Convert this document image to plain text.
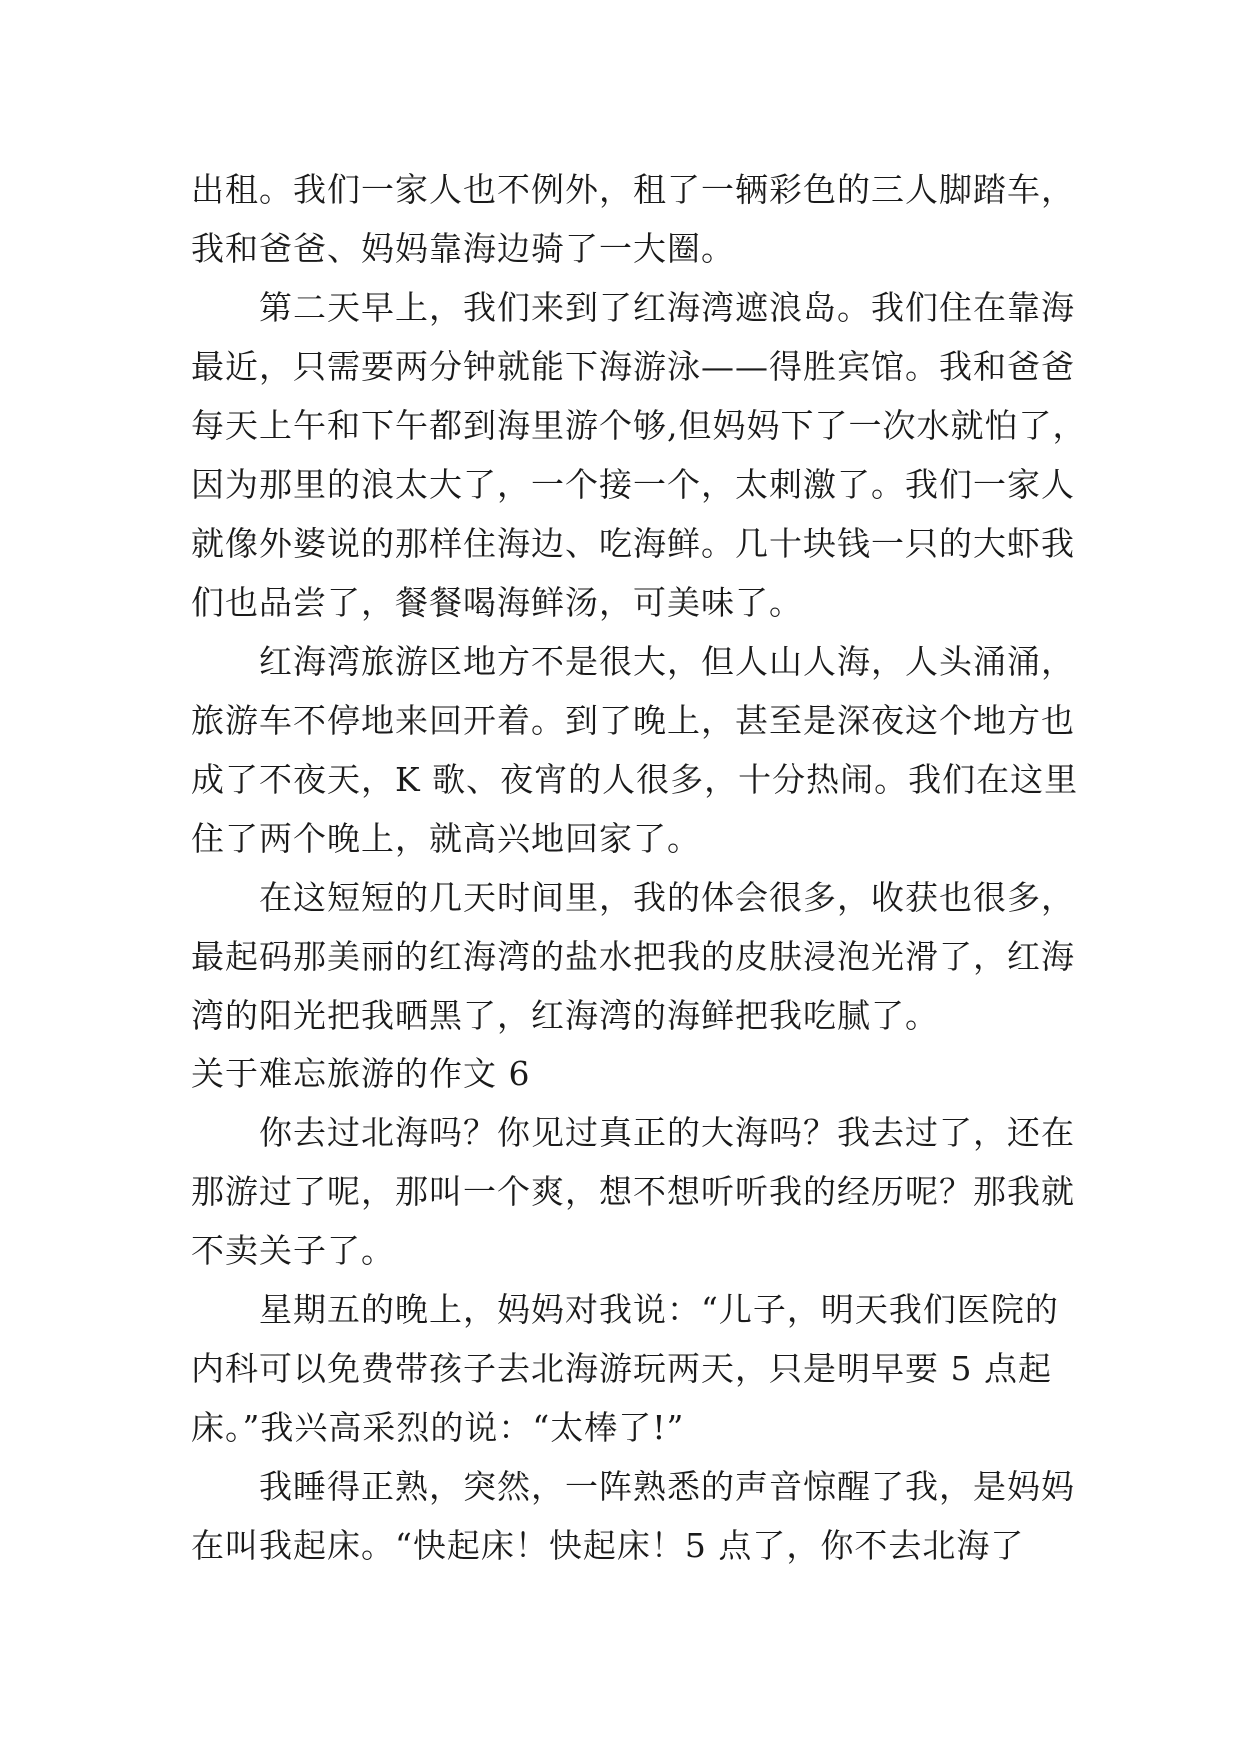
出租。我们一家人也不例外，租了一辆彩色的三人脚踏车，
我和爸爸、妈妈靠海边骑了一大圈。
第二天早上，我们来到了红海湾遮浪岛。我们住在靠海
最近，只需要两分钟就能下海游泳——得胜宾馆。我和爸爸
每天上午和下午都到海里游个够,但妈妈下了一次水就怕了，
因为那里的浪太大了，一个接一个，太刺激了。我们一家人
就像外婆说的那样住海边、吃海鲜。几十块钱一只的大虾我
们也品尝了，餐餐喝海鲜汤，可美味了。
红海湾旅游区地方不是很大，但人山人海，人头涌涌，
旅游车不停地来回开着。到了晚上，甚至是深夜这个地方也
成了不夜天，K 歌、夜宵的人很多，十分热闹。我们在这里
住了两个晚上，就高兴地回家了。
在这短短的几天时间里，我的体会很多，收获也很多，
最起码那美丽的红海湾的盐水把我的皮肤浸泡光滑了，红海
湾的阳光把我晒黑了，红海湾的海鲜把我吃腻了。
关于难忘旅游的作文 6
你去过北海吗？你见过真正的大海吗？我去过了，还在
那游过了呢，那叫一个爽，想不想听听我的经历呢？那我就
不卖关子了。
星期五的晚上，妈妈对我说：“儿子，明天我们医院的
内科可以免费带孩子去北海游玩两天，只是明早要 5 点起
床。”我兴高采烈的说：“太棒了!”
我睡得正熟，突然，一阵熟悉的声音惊醒了我，是妈妈
在叫我起床。“快起床！快起床！5 点了，你不去北海了
